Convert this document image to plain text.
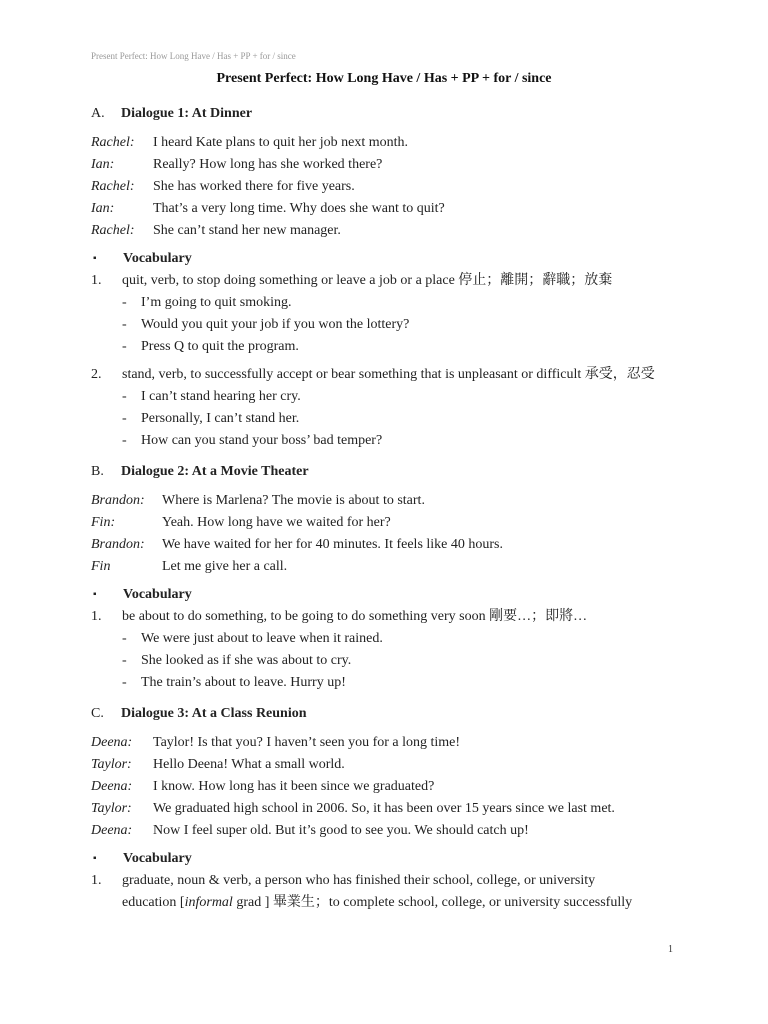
Present Perfect: How Long Have / Has + PP + for / since
Present Perfect: How Long Have / Has + PP + for / since
A.	Dialogue 1: At Dinner
Rachel:	I heard Kate plans to quit her job next month.
Ian:	Really? How long has she worked there?
Rachel:	She has worked there for five years.
Ian:	That’s a very long time. Why does she want to quit?
Rachel:	She can’t stand her new manager.
▪	Vocabulary
1.	quit, verb, to stop doing something or leave a job or a place 停止；離開；辭職；放棄
-	I’m going to quit smoking.
-	Would you quit your job if you won the lottery?
-	Press Q to quit the program.
2.	stand, verb, to successfully accept or bear something that is unpleasant or difficult 承受，忍受
-	I can’t stand hearing her cry.
-	Personally, I can’t stand her.
-	How can you stand your boss’ bad temper?
B.	Dialogue 2: At a Movie Theater
Brandon:	Where is Marlena? The movie is about to start.
Fin:	Yeah. How long have we waited for her?
Brandon:	We have waited for her for 40 minutes. It feels like 40 hours.
Fin	Let me give her a call.
▪	Vocabulary
1.	be about to do something, to be going to do something very soon 剛要…；即將…
-	We were just about to leave when it rained.
-	She looked as if she was about to cry.
-	The train’s about to leave. Hurry up!
C.	Dialogue 3: At a Class Reunion
Deena:	Taylor! Is that you? I haven’t seen you for a long time!
Taylor:	Hello Deena! What a small world.
Deena:	I know. How long has it been since we graduated?
Taylor:	We graduated high school in 2006. So, it has been over 15 years since we last met.
Deena:	Now I feel super old. But it’s good to see you. We should catch up!
▪	Vocabulary
1.	graduate, noun & verb, a person who has finished their school, college, or university
education [informal grad ] 畢業生；to complete school, college, or university successfully
1
